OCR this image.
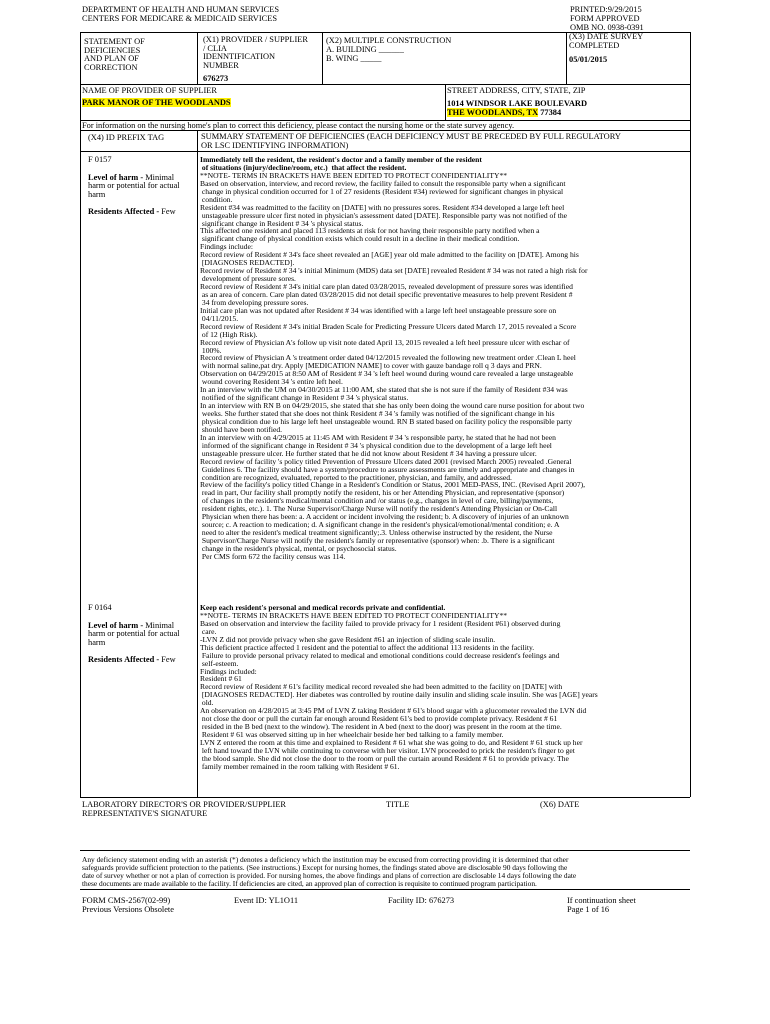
DEPARTMENT OF HEALTH AND HUMAN SERVICES
CENTERS FOR MEDICARE & MEDICAID SERVICES
PRINTED:9/29/2015
FORM APPROVED
OMB NO. 0938-0391
STATEMENT OF
DEFICIENCIES
AND PLAN OF
CORRECTION
(X1) PROVIDER / SUPPLIER
/ CLIA
IDENNTIFICATION
NUMBER
676273
(X2) MULTIPLE CONSTRUCTION
A. BUILDING ______
B. WING _____
(X3) DATE SURVEY
COMPLETED
05/01/2015
NAME OF PROVIDER OF SUPPLIER
PARK MANOR OF THE WOODLANDS
STREET ADDRESS, CITY, STATE, ZIP
1014 WINDSOR LAKE BOULEVARD
THE WOODLANDS, TX 77384
For information on the nursing home's plan to correct this deficiency, please contact the nursing home or the state survey agency.
(X4) ID PREFIX TAG	SUMMARY STATEMENT OF DEFICIENCIES (EACH DEFICIENCY MUST BE PRECEDED BY FULL REGULATORY
OR LSC IDENTIFYING INFORMATION)
F 0157
Level of harm - Minimal
harm or potential for actual
harm
Residents Affected - Few
Immediately tell the resident, the resident's doctor and a family member of the resident
of situations (injury/decline/room, etc.)  that affect the resident.
**NOTE- TERMS IN BRACKETS HAVE BEEN EDITED TO PROTECT CONFIDENTIALITY**
Based on observation, interview, and record review, the facility failed to consult the responsible party when a significant
change in physical condition occurred for 1 of 27 residents (Resident #34) reviewed for significant changes in physical
condition.
Resident #34 was readmitted to the facility on [DATE] with no pressures sores. Resident #34 developed a large left heel
unstageable pressure ulcer first noted in physician's assessment dated [DATE]. Responsible party was not notified of the
significant change in Resident # 34 's physical status.
This affected one resident and placed 113 residents at risk for not having their responsible party notified when a
significant change of physical condition exists which could result in a decline in their medical condition.
Findings include:
Record review of Resident # 34's face sheet revealed an [AGE] year old male admitted to the facility on [DATE]. Among his
[DIAGNOSES REDACTED].
Record review of Resident # 34 's initial Minimum (MDS) data set [DATE] revealed Resident # 34 was not rated a high risk for
development of pressure sores.
Record review of Resident # 34's initial care plan dated 03/28/2015, revealed development of pressure sores was identified
as an area of concern. Care plan dated 03/28/2015 did not detail specific preventative measures to help prevent Resident #
34 from developing pressure sores.
Initial care plan was not updated after Resident # 34 was identified with a large left heel unstageable pressure sore on
04/11/2015.
Record review of Resident # 34's initial Braden Scale for Predicting Pressure Ulcers dated March 17, 2015 revealed a Score
of 12 (High Risk).
Record review of Physician A's follow up visit note dated April 13, 2015 revealed a left heel pressure ulcer with eschar of
100%.
Record review of Physician A 's treatment order dated 04/12/2015 revealed the following new treatment order .Clean L heel
with normal saline,pat dry. Apply [MEDICATION NAME] to cover with gauze bandage roll q 3 days and PRN.
Observation on 04/29/2015 at 8:50 AM of Resident # 34 's left heel wound during wound care revealed a large unstageable
wound covering Resident 34 's entire left heel.
In an interview with the UM on 04/30/2015 at 11:00 AM, she stated that she is not sure if the family of Resident #34 was
notified of the significant change in Resident # 34 's physical status.
In an interview with RN B on 04/29/2015, she stated that she has only been doing the wound care nurse position for about two
weeks. She further stated that she does not think Resident # 34 's family was notified of the significant change in his
physical condition due to his large left heel unstageable wound. RN B stated based on facility policy the responsible party
should have been notified.
In an interview with on 4/29/2015 at 11:45 AM with Resident # 34 's responsible party, he stated that he had not been
informed of the significant change in Resident # 34 's physical condition due to the development of a large left heel
unstageable pressure ulcer. He further stated that he did not know about Resident # 34 having a pressure ulcer.
Record review of facility 's policy titled Prevention of Pressure Ulcers dated 2001 (revised March 2005) revealed .General
Guidelines 6. The facility should have a system/procedure to assure assessments are timely and appropriate and changes in
condition are recognized, evaluated, reported to the practitioner, physician, and family, and addressed.
Review of the facility's policy titled Change in a Resident's Condition or Status, 2001 MED-PASS, INC. (Revised April 2007),
read in part, Our facility shall promptly notify the resident, his or her Attending Physician, and representative (sponsor)
of changes in the resident's medical/mental condition and /or status (e.g., changes in level of care, billing/payments,
resident rights, etc.). 1. The Nurse Supervisor/Charge Nurse will notify the resident's Attending Physician or On-Call
Physician when there has been: a. A accident or incident involving the resident; b. A discovery of injuries of an unknown
source; c. A reaction to medication; d. A significant change in the resident's physical/emotional/mental condition; e. A
need to alter the resident's medical treatment significantly;.3. Unless otherwise instructed by the resident, the Nurse
Supervisor/Charge Nurse will notify the resident's family or representative (sponsor) when: .b. There is a significant
change in the resident's physical, mental, or psychosocial status.
Per CMS form 672 the facility census was 114.
F 0164
Level of harm - Minimal
harm or potential for actual
harm
Residents Affected - Few
Keep each resident's personal and medical records private and confidential.
**NOTE- TERMS IN BRACKETS HAVE BEEN EDITED TO PROTECT CONFIDENTIALITY**
Based on observation and interview the facility failed to provide privacy for 1 resident (Resident #61) observed during
care.
-LVN Z did not provide privacy when she gave Resident #61 an injection of sliding scale insulin.
This deficient practice affected 1 resident and the potential to affect the additional 113 residents in the facility.
Failure to provide personal privacy related to medical and emotional conditions could decrease resident's feelings and
self-esteem.
Findings included:
Resident # 61
Record review of Resident # 61's facility medical record revealed she had been admitted to the facility on [DATE] with
[DIAGNOSES REDACTED]. Her diabetes was controlled by routine daily insulin and sliding scale insulin. She was [AGE] years
old.
An observation on 4/28/2015 at 3:45 PM of LVN Z taking Resident # 61's blood sugar with a glucometer revealed the LVN did
not close the door or pull the curtain far enough around Resident 61's bed to provide complete privacy. Resident # 61
resided in the B bed (next to the window). The resident in A bed (next to the door) was present in the room at the time.
Resident # 61 was observed sitting up in her wheelchair beside her bed talking to a family member.
LVN Z entered the room at this time and explained to Resident # 61 what she was going to do, and Resident # 61 stuck up her
left hand toward the LVN while continuing to converse with her visitor. LVN proceeded to prick the resident's finger to get
the blood sample. She did not close the door to the room or pull the curtain around Resident # 61 to provide privacy. The
family member remained in the room talking with Resident # 61.
LABORATORY DIRECTOR'S OR PROVIDER/SUPPLIER
REPRESENTATIVE'S SIGNATURE
TITLE	(X6) DATE
Any deficiency statement ending with an asterisk (*) denotes a deficiency which the institution may be excused from correcting providing it is determined that other
safeguards provide sufficient protection to the patients. (See instructions.) Except for nursing homes, the findings stated above are disclosable 90 days following the
date of survey whether or not a plan of correction is provided. For nursing homes, the above findings and plans of correction are disclosable 14 days following the date
these documents are made available to the facility. If deficiencies are cited, an approved plan of correction is requisite to continued program participation.
FORM CMS-2567(02-99)
Previous Versions Obsolete
Event ID: YL1O11	Facility ID: 676273	If continuation sheet
Page 1 of 16
